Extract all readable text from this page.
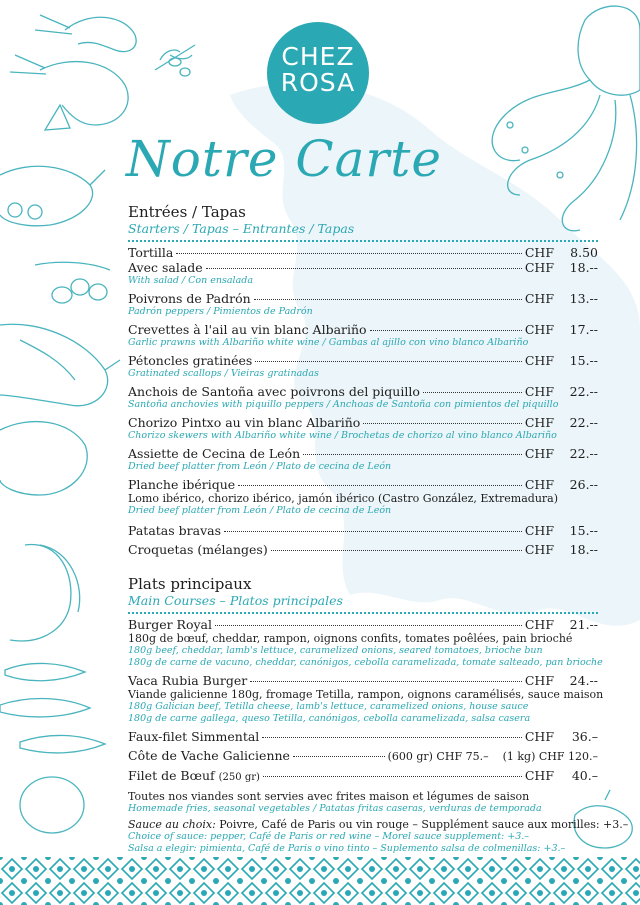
CHEZ
ROSA
Notre Carte
Entrées / Tapas
Starters / Tapas – Entrantes / Tapas
Tortilla	CHF	8.50
Avec salade	CHF	18.--
With salad / Con ensalada
Poivrons de Padrón	CHF	13.--
Padrón peppers / Pimientos de Padrón
Crevettes à l'ail au vin blanc Albariño	CHF	17.--
Garlic prawns with Albariño white wine / Gambas al ajillo con vino blanco Albariño
Pétoncles gratinées	CHF	15.--
Gratinated scallops / Vieiras gratinadas
Anchois de Santoña avec poivrons del piquillo	CHF	22.--
Santoña anchovies with piquillo peppers / Anchoas de Santoña con pimientos del piquillo
Chorizo Pintxo au vin blanc Albariño	CHF	22.--
Chorizo skewers with Albariño white wine / Brochetas de chorizo al vino blanco Albariño
Assiette de Cecina de León	CHF	22.--
Dried beef platter from León / Plato de cecina de León
Planche ibérique	CHF	26.--
Lomo ibérico, chorizo ibérico, jamón ibérico (Castro González, Extremadura)
Dried beef platter from León / Plato de cecina de León
Patatas bravas	CHF	15.--
Croquetas (mélanges)	CHF	18.--
Plats principaux
Main Courses – Platos principales
Burger Royal	CHF	21.--
180g de bœuf, cheddar, rampon, oignons confits, tomates poêlées, pain brioché
180g beef, cheddar, lamb's lettuce, caramelized onions, seared tomatoes, brioche bun
180g de carne de vacuno, cheddar, canónigos, cebolla caramelizada, tomate salteado, pan brioche
Vaca Rubia Burger	CHF	24.--
Viande galicienne 180g, fromage Tetilla, rampon, oignons caramélisés, sauce maison
180g Galician beef, Tetilla cheese, lamb's lettuce, caramelized onions, house sauce
180g de carne gallega, queso Tetilla, canónigos, cebolla caramelizada, salsa casera
Faux-filet Simmental	CHF	36.–
Côte de Vache Galicienne	(600 gr) CHF 75.– (1 kg) CHF 120.–
Filet de Bœuf (250 gr)	CHF	40.–
Toutes nos viandes sont servies avec frites maison et légumes de saison
Homemade fries, seasonal vegetables / Patatas fritas caseras, verduras de temporada
Sauce au choix: Poivre, Café de Paris ou vin rouge – Supplément sauce aux morilles: +3.–
Choice of sauce: pepper, Café de Paris or red wine – Morel sauce supplement: +3.–
Salsa a elegir: pimienta, Café de Paris o vino tinto – Suplemento salsa de colmenillas: +3.–
